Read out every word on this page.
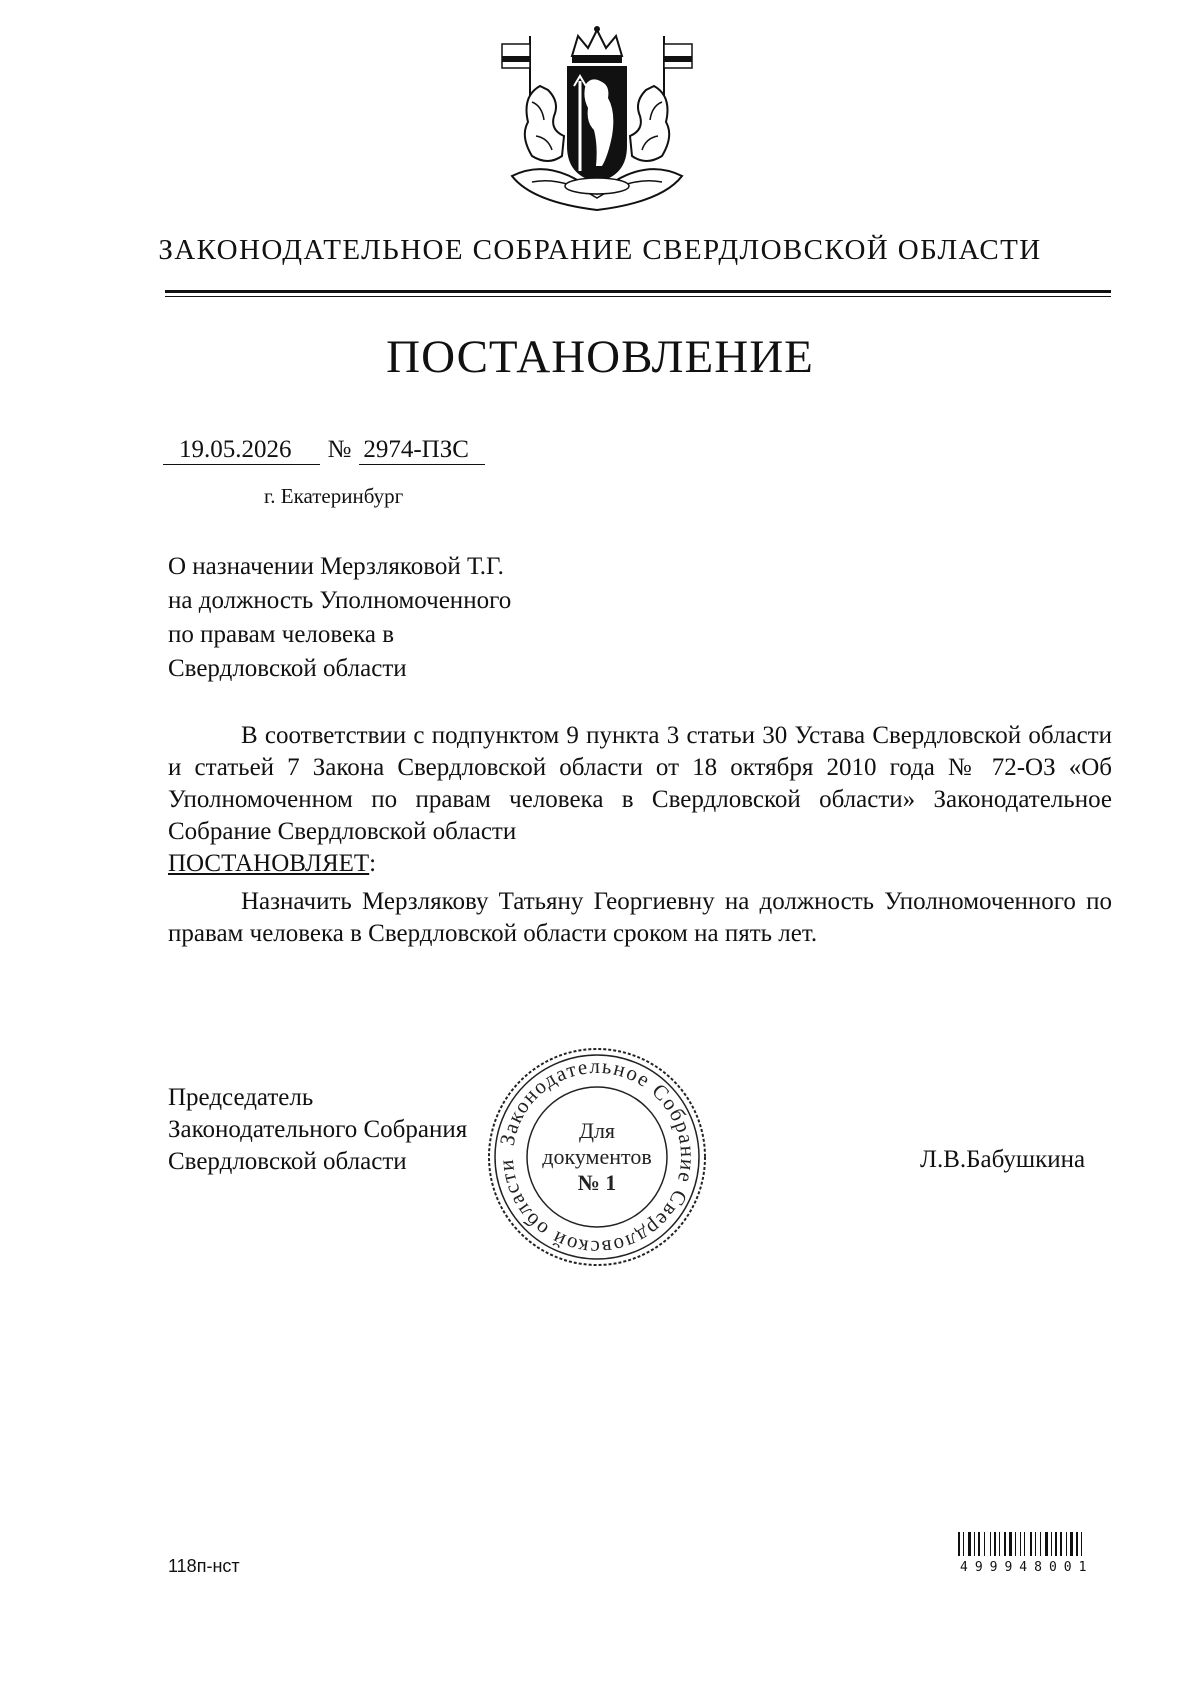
ЗАКОНОДАТЕЛЬНОЕ СОБРАНИЕ СВЕРДЛОВСКОЙ ОБЛАСТИ
ПОСТАНОВЛЕНИЕ
19.05.2026 № 2974-ПЗС
г. Екатеринбург
О назначении Мерзляковой Т.Г.
на должность Уполномоченного
по правам человека в
Свердловской области
В соответствии с подпунктом 9 пункта 3 статьи 30 Устава Свердловской области и статьей 7 Закона Свердловской области от 18 октября 2010 года № 72-ОЗ «Об Уполномоченном по правам человека в Свердловской области» Законодательное Собрание Свердловской области
ПОСТАНОВЛЯЕТ:
Назначить Мерзлякову Татьяну Георгиевну на должность Уполномоченного по правам человека в Свердловской области сроком на пять лет.
Председатель
Законодательного Собрания
Свердловской области	Л.В.Бабушкина
Законодательное Собрание Свердловской области
Для
документов
№ 1
118п-нст	499948001
